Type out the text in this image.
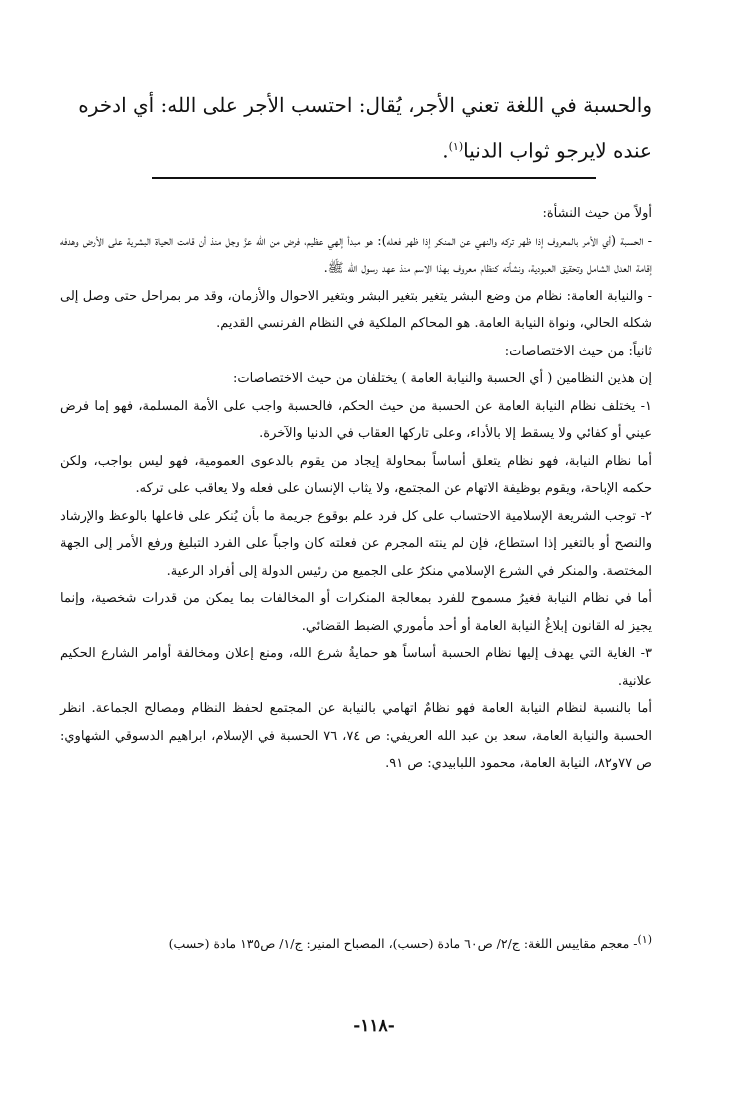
والحسبة في اللغة تعني الأجر، يُقال: احتسب الأجر على الله: أي ادخره

عنده لايرجو ثواب الدنيا$^{(١)}$.

أولاً من حيث النشأة:

- الحسبة (أي الأمر بالمعروف إذا ظهر تركه والنهي عن المنكر إذا ظهر فعله): هو مبدأ إلهي عظيم، فرض من الله عزَّ وجل منذ أن قامت الحياة البشرية على الأرض وهدفه إقامة العدل الشامل وتحقيق العبودية، ونشأته كنظام معروف بهذا الاسم منذ عهد رسول الله ﷺ.

- والنيابة العامة: نظام من وضع البشر يتغير بتغير البشر وبتغير الاحوال والأزمان، وقد مر بمراحل حتى وصل إلى شكله الحالي، ونواة النيابة العامة. هو المحاكم الملكية في النظام الفرنسي القديم.

ثانياً: من حيث الاختصاصات:

إن هذين النظامين ( أي الحسبة والنيابة العامة ) يختلفان من حيث الاختصاصات:

١- يختلف نظام النيابة العامة عن الحسبة من حيث الحكم، فالحسبة واجب على الأمة المسلمة، فهو إما فرض عيني أو كفائي ولا يسقط إلا بالأداء، وعلى تاركها العقاب في الدنيا والآخرة.

أما نظام النيابة، فهو نظام يتعلق أساساً بمحاولة إيجاد من يقوم بالدعوى العمومية، فهو ليس بواجب، ولكن حكمه الإباحة، ويقوم بوظيفة الاتهام عن المجتمع، ولا يثاب الإنسان على فعله ولا يعاقب على تركه.

٢- توجب الشريعة الإسلامية الاحتساب على كل فرد علم بوقوع جريمة ما بأن يُنكر على فاعلها بالوعظ والإرشاد والنصح أو بالتغير إذا استطاع، فإن لم ينته المجرم عن فعلته كان واجباً على الفرد التبليغ ورفع الأمر إلى الجهة المختصة. والمنكر في الشرع الإسلامي منكرٌ على الجميع من رئيس الدولة إلى أفراد الرعية.

أما في نظام النيابة فغيرُ مسموح للفرد بمعالجة المنكرات أو المخالفات بما يمكن من قدرات شخصية، وإنما يجيز له القانون إبلاغُ النيابة العامة أو أحد مأموري الضبط القضائي.

٣- الغاية التي يهدف إليها نظام الحسبة أساساً هو حمايةُ شرع الله، ومنع إعلان ومخالفة أوامر الشارع الحكيم علانية.

أما بالنسبة لنظام النيابة العامة فهو نظامٌ اتهامي بالنيابة عن المجتمع لحفظ النظام ومصالح الجماعة. انظر الحسبة والنيابة العامة، سعد بن عبد الله العريفي: ص ٧٤، ٧٦ الحسبة في الإسلام، ابراهيم الدسوقي الشهاوي: ص ٧٧و٨٢، النيابة العامة، محمود اللبابيدي: ص ٩١.

$^{(١)}$- معجم مقاييس اللغة: ج/٢/ ص٦٠ مادة (حسب)، المصباح المنير: ج/١/ ص١٣٥ مادة (حسب)
-١١٨-
